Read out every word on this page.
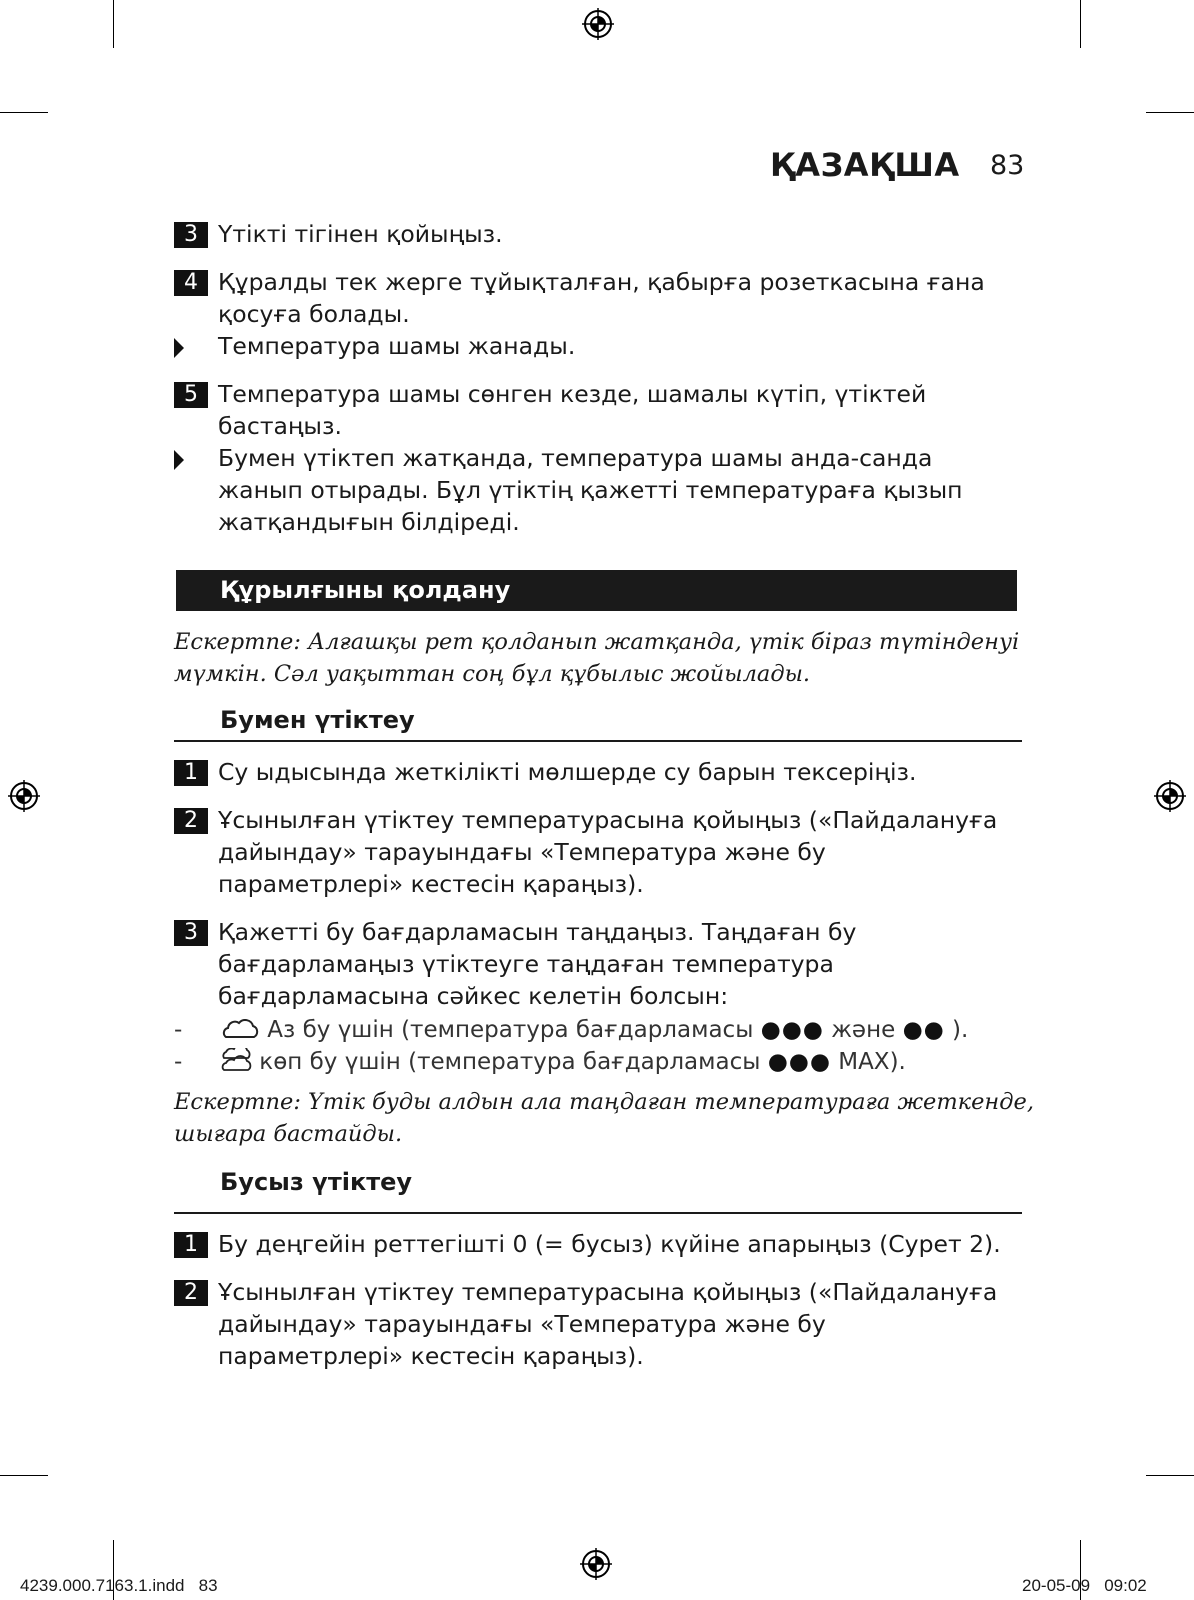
ҚАЗАҚША 83
3 Үтікті тігінен қойыңыз.
4 Құралды тек жерге тұйықталған, қабырға розеткасына ғана қосуға болады.
Температура шамы жанады.
5 Температура шамы сөнген кезде, шамалы күтіп, үтіктей бастаңыз.
Бумен үтіктеп жатқанда, температура шамы анда-санда жанып отырады. Бұл үтіктің қажетті температураға қызып жатқандығын білдіреді.
Құрылғыны қолдану
Ескертпе: Алғашқы рет қолданып жатқанда, үтік біраз түтінденуі мүмкін. Сәл уақыттан соң бұл құбылыс жойылады.
Бумен үтіктеу
1 Су ыдысында жеткілікті мөлшерде су барын тексеріңіз.
2 Ұсынылған үтіктеу температурасына қойыңыз («Пайдалануға дайындау» тарауындағы «Температура және бу параметрлері» кестесін қараңыз).
3 Қажетті бу бағдарламасын таңдаңыз. Таңдаған бу бағдарламаңыз үтіктеуге таңдаған температура бағдарламасына сәйкес келетін болсын:
-	Аз бу үшін (температура бағдарламасы ●●● және ●● ).
-	көп бу үшін (температура бағдарламасы ●●● MAX).
Ескертпе: Үтік буды алдын ала таңдаған температураға жеткенде, шығара бастайды.
Бусыз үтіктеу
1 Бу деңгейін реттегішті 0 (= бусыз) күйіне апарыңыз (Сурет 2).
2 Ұсынылған үтіктеу температурасына қойыңыз («Пайдалануға дайындау» тарауындағы «Температура және бу параметрлері» кестесін қараңыз).
4239.000.7163.1.indd   83	20-05-09   09:02
